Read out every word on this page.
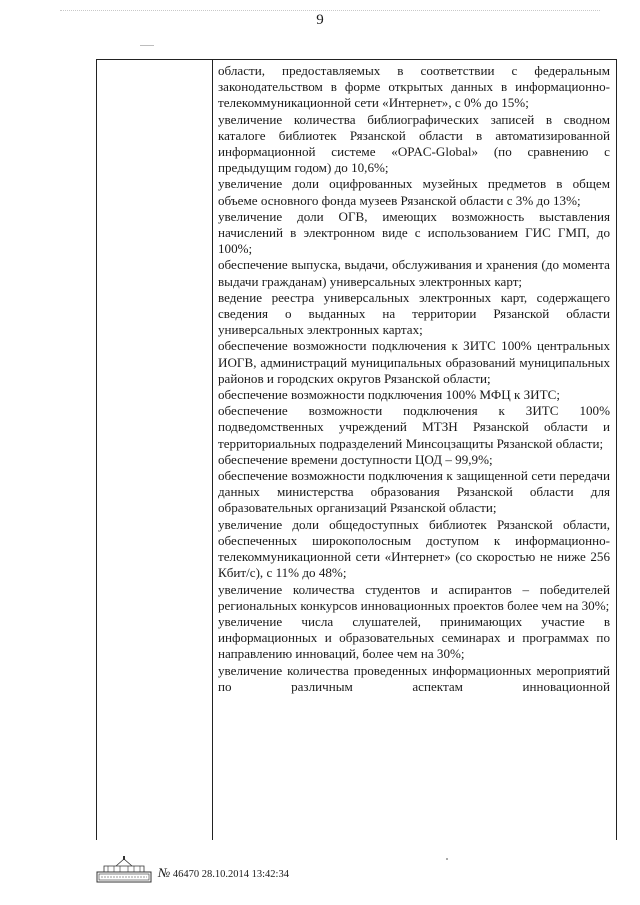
9

области, предоставляемых в соответствии с федеральным законодательством в форме открытых данных в информационно-телекоммуникационной сети «Интернет», с 0% до 15%;

увеличение количества библиографических записей в сводном каталоге библиотек Рязанской области в автоматизированной информационной системе «OPAC-Global» (по сравнению с предыдущим годом) до 10,6%;

увеличение доли оцифрованных музейных предметов в общем объеме основного фонда музеев Рязанской области с 3% до 13%;

увеличение доли ОГВ, имеющих возможность выставления начислений в электронном виде с использованием ГИС ГМП, до 100%;

обеспечение выпуска, выдачи, обслуживания и хранения (до момента выдачи гражданам) универсальных электронных карт;

ведение реестра универсальных электронных карт, содержащего сведения о выданных на территории Рязанской области универсальных электронных картах;

обеспечение возможности подключения к ЗИТС 100% центральных ИОГВ, администраций муниципальных образований муниципальных районов и городских округов Рязанской области;

обеспечение возможности подключения 100% МФЦ к ЗИТС;

обеспечение возможности подключения к ЗИТС 100% подведомственных учреждений МТЗН Рязанской области и территориальных подразделений Минсоцзащиты Рязанской области;

обеспечение времени доступности ЦОД – 99,9%;

обеспечение возможности подключения к защищенной сети передачи данных министерства образования Рязанской области для образовательных организаций Рязанской области;

увеличение доли общедоступных библиотек Рязанской области, обеспеченных широкополосным доступом к информационно-телекоммуникационной сети «Интернет» (со скоростью не ниже 256 Кбит/с), с 11% до 48%;

увеличение количества студентов и аспирантов – победителей региональных конкурсов инновационных проектов более чем на 30%;

увеличение числа слушателей, принимающих участие в информационных и образовательных семинарах и программах по направлению инноваций, более чем на 30%;

увеличение количества проведенных информационных мероприятий по различным аспектам инновационной

№ 46470 28.10.2014 13:42:34
